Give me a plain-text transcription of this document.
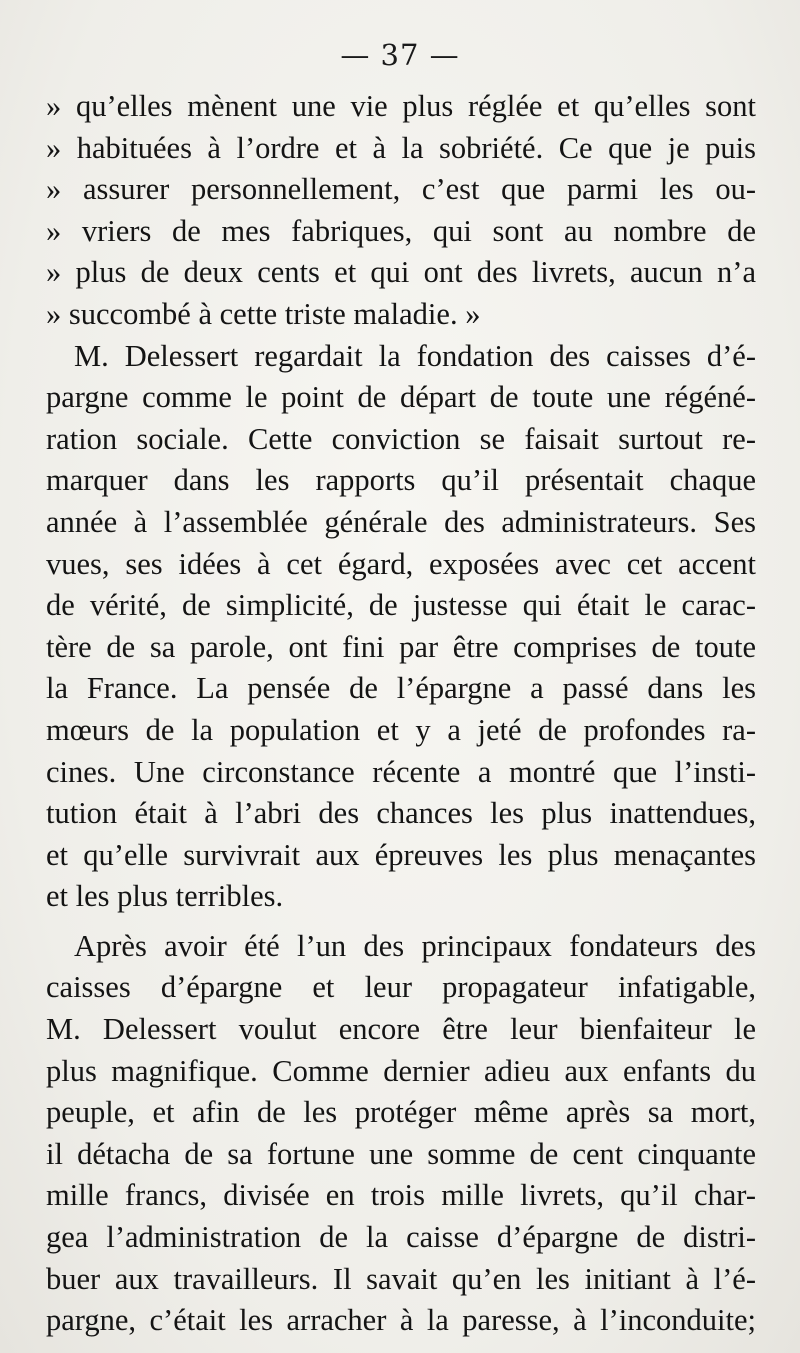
— 37 —
» qu’elles mènent une vie plus réglée et qu’elles sont
» habituées à l’ordre et à la sobriété. Ce que je puis
» assurer personnellement, c’est que parmi les ou-
» vriers de mes fabriques, qui sont au nombre de
» plus de deux cents et qui ont des livrets, aucun n’a
» succombé à cette triste maladie. »
M. Delessert regardait la fondation des caisses d’é-
pargne comme le point de départ de toute une régéné-
ration sociale. Cette conviction se faisait surtout re-
marquer dans les rapports qu’il présentait chaque
année à l’assemblée générale des administrateurs. Ses
vues, ses idées à cet égard, exposées avec cet accent
de vérité, de simplicité, de justesse qui était le carac-
tère de sa parole, ont fini par être comprises de toute
la France. La pensée de l’épargne a passé dans les
mœurs de la population et y a jeté de profondes ra-
cines. Une circonstance récente a montré que l’insti-
tution était à l’abri des chances les plus inattendues,
et qu’elle survivrait aux épreuves les plus menaçantes
et les plus terribles.
Après avoir été l’un des principaux fondateurs des
caisses d’épargne et leur propagateur infatigable,
M. Delessert voulut encore être leur bienfaiteur le
plus magnifique. Comme dernier adieu aux enfants du
peuple, et afin de les protéger même après sa mort,
il détacha de sa fortune une somme de cent cinquante
mille francs, divisée en trois mille livrets, qu’il char-
gea l’administration de la caisse d’épargne de distri-
buer aux travailleurs. Il savait qu’en les initiant à l’é-
pargne, c’était les arracher à la paresse, à l’inconduite;
